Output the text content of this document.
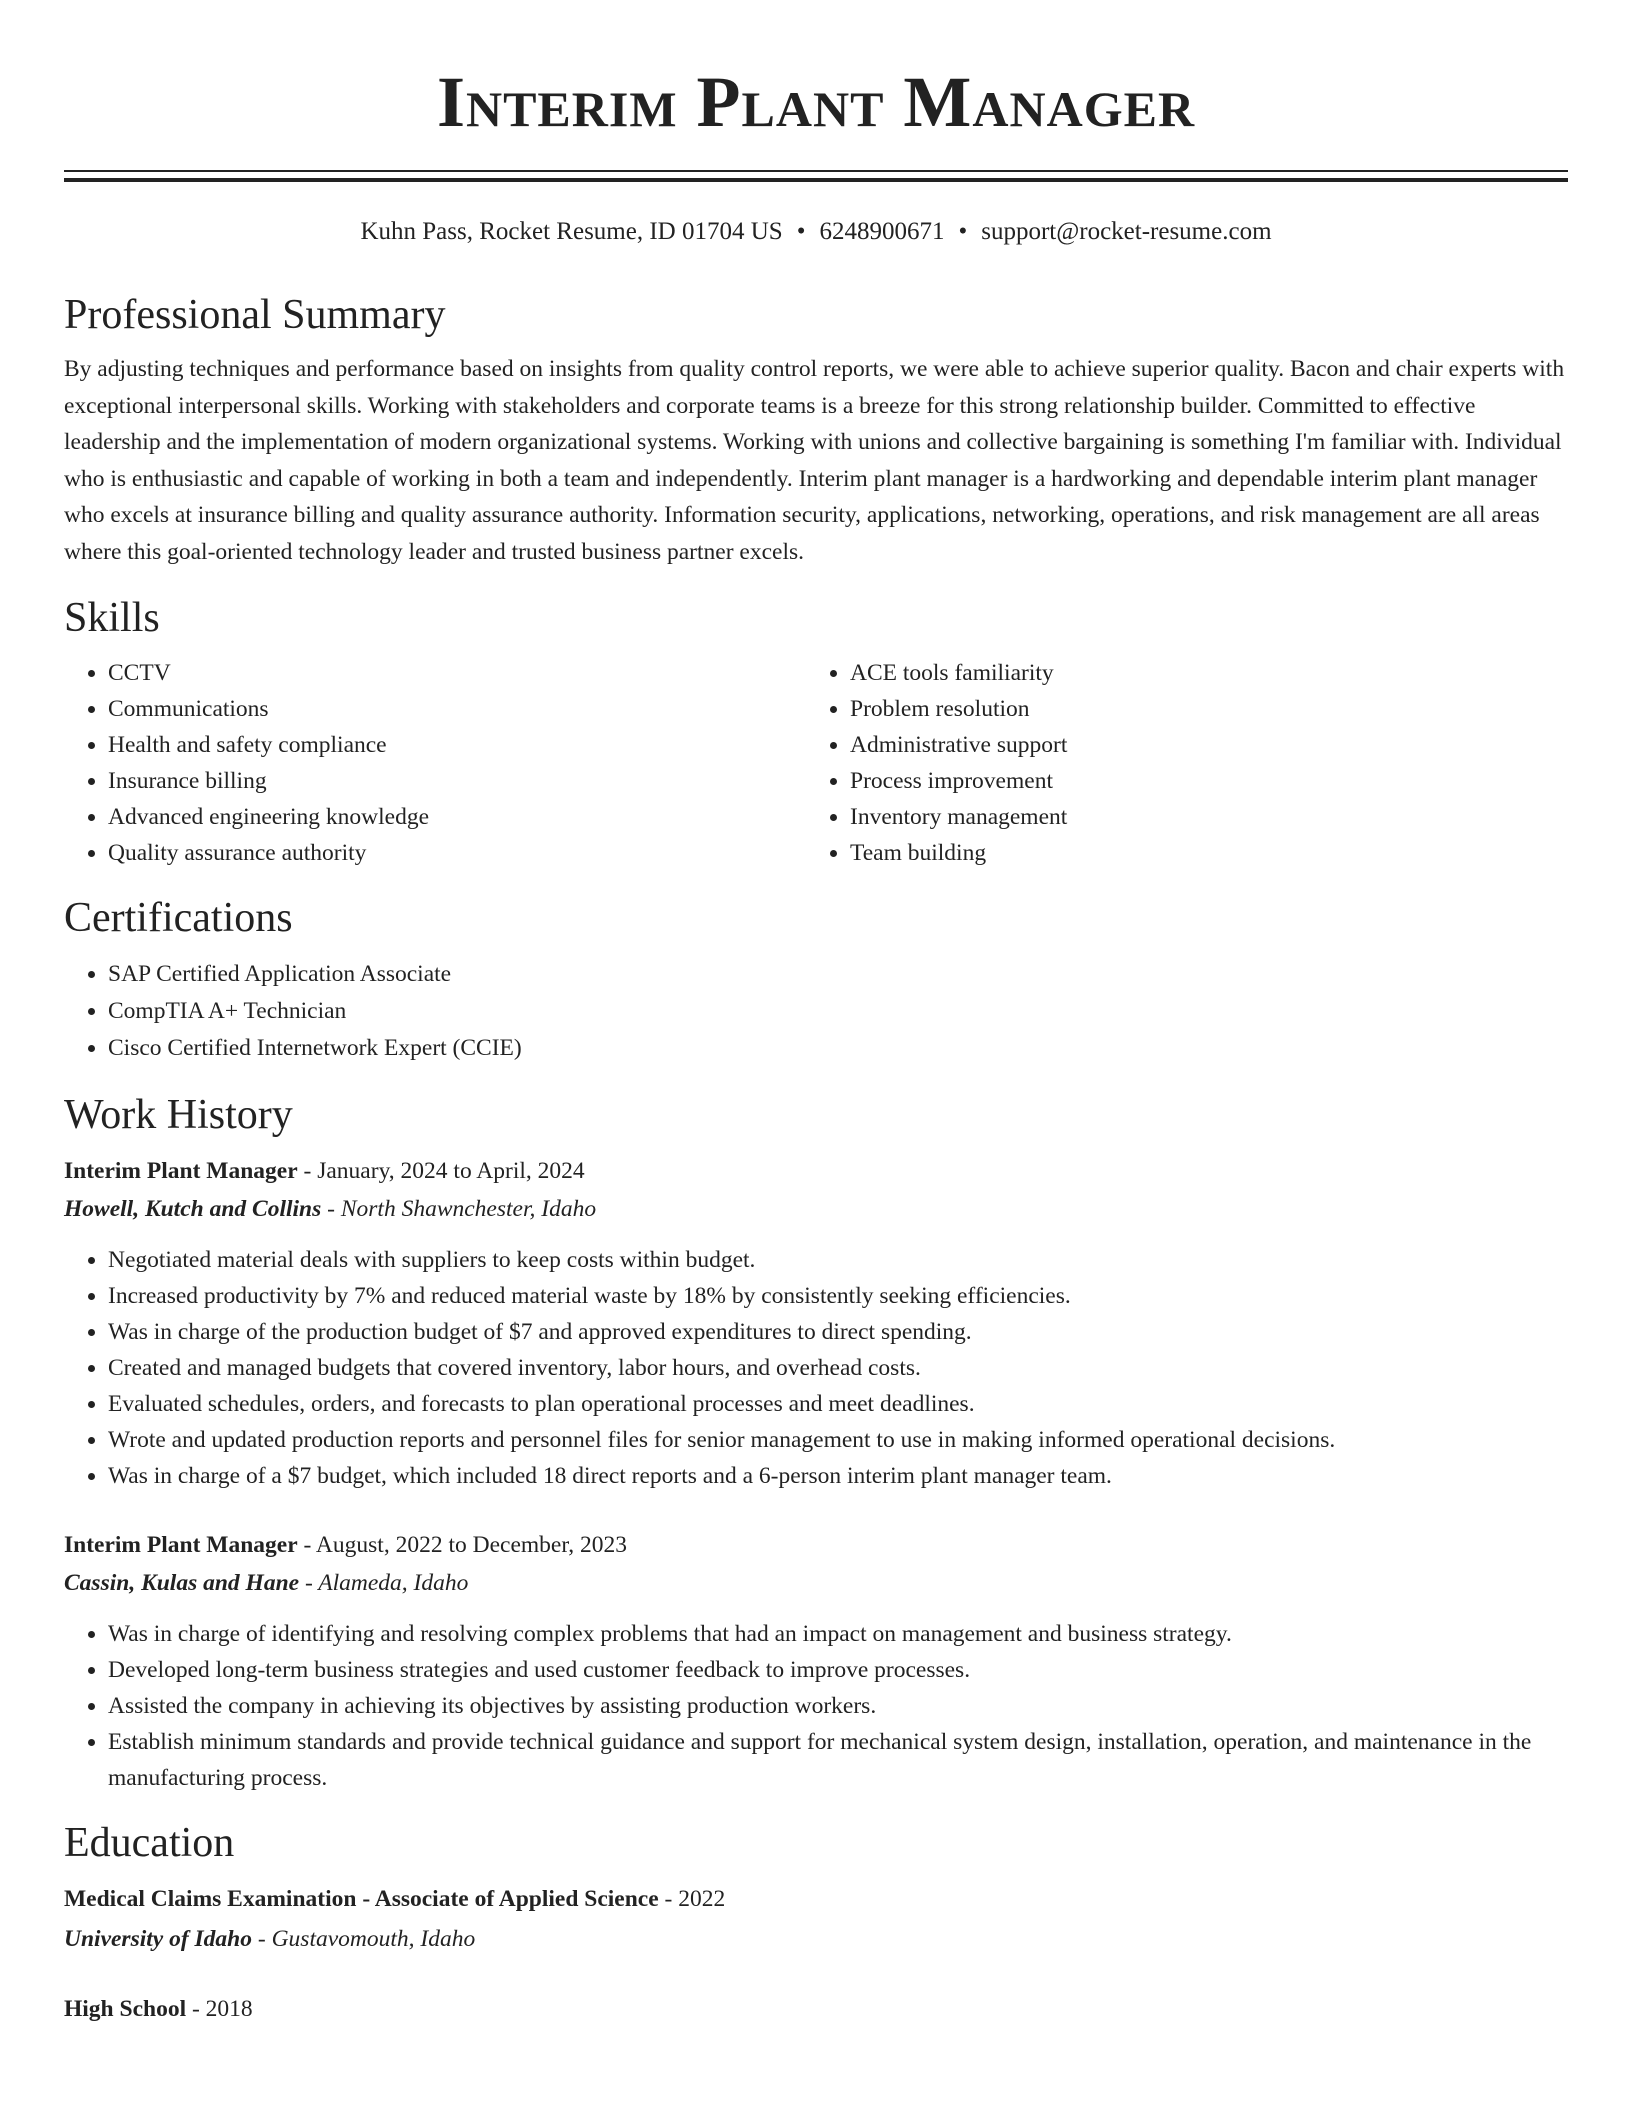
Interim Plant Manager
Kuhn Pass, Rocket Resume, ID 01704 US • 6248900671 • support@rocket-resume.com
Professional Summary

By adjusting techniques and performance based on insights from quality control reports, we were able to achieve superior quality. Bacon and chair experts with exceptional interpersonal skills. Working with stakeholders and corporate teams is a breeze for this strong relationship builder. Committed to effective leadership and the implementation of modern organizational systems. Working with unions and collective bargaining is something I'm familiar with. Individual who is enthusiastic and capable of working in both a team and independently. Interim plant manager is a hardworking and dependable interim plant manager who excels at insurance billing and quality assurance authority. Information security, applications, networking, operations, and risk management are all areas where this goal-oriented technology leader and trusted business partner excels.

Skills
• CCTV
• Communications
• Health and safety compliance
• Insurance billing
• Advanced engineering knowledge
• Quality assurance authority
• ACE tools familiarity
• Problem resolution
• Administrative support
• Process improvement
• Inventory management
• Team building
Certifications
• SAP Certified Application Associate
• CompTIA A+ Technician
• Cisco Certified Internetwork Expert (CCIE)
Work History
Interim Plant Manager - January, 2024 to April, 2024
Howell, Kutch and Collins - North Shawnchester, Idaho
• Negotiated material deals with suppliers to keep costs within budget.
• Increased productivity by 7% and reduced material waste by 18% by consistently seeking efficiencies.
• Was in charge of the production budget of $7 and approved expenditures to direct spending.
• Created and managed budgets that covered inventory, labor hours, and overhead costs.
• Evaluated schedules, orders, and forecasts to plan operational processes and meet deadlines.
• Wrote and updated production reports and personnel files for senior management to use in making informed operational decisions.
• Was in charge of a $7 budget, which included 18 direct reports and a 6-person interim plant manager team.
Interim Plant Manager - August, 2022 to December, 2023
Cassin, Kulas and Hane - Alameda, Idaho
• Was in charge of identifying and resolving complex problems that had an impact on management and business strategy.
• Developed long-term business strategies and used customer feedback to improve processes.
• Assisted the company in achieving its objectives by assisting production workers.
• Establish minimum standards and provide technical guidance and support for mechanical system design, installation, operation, and maintenance in the manufacturing process.
Education
Medical Claims Examination - Associate of Applied Science - 2022
University of Idaho - Gustavomouth, Idaho
High School - 2018
